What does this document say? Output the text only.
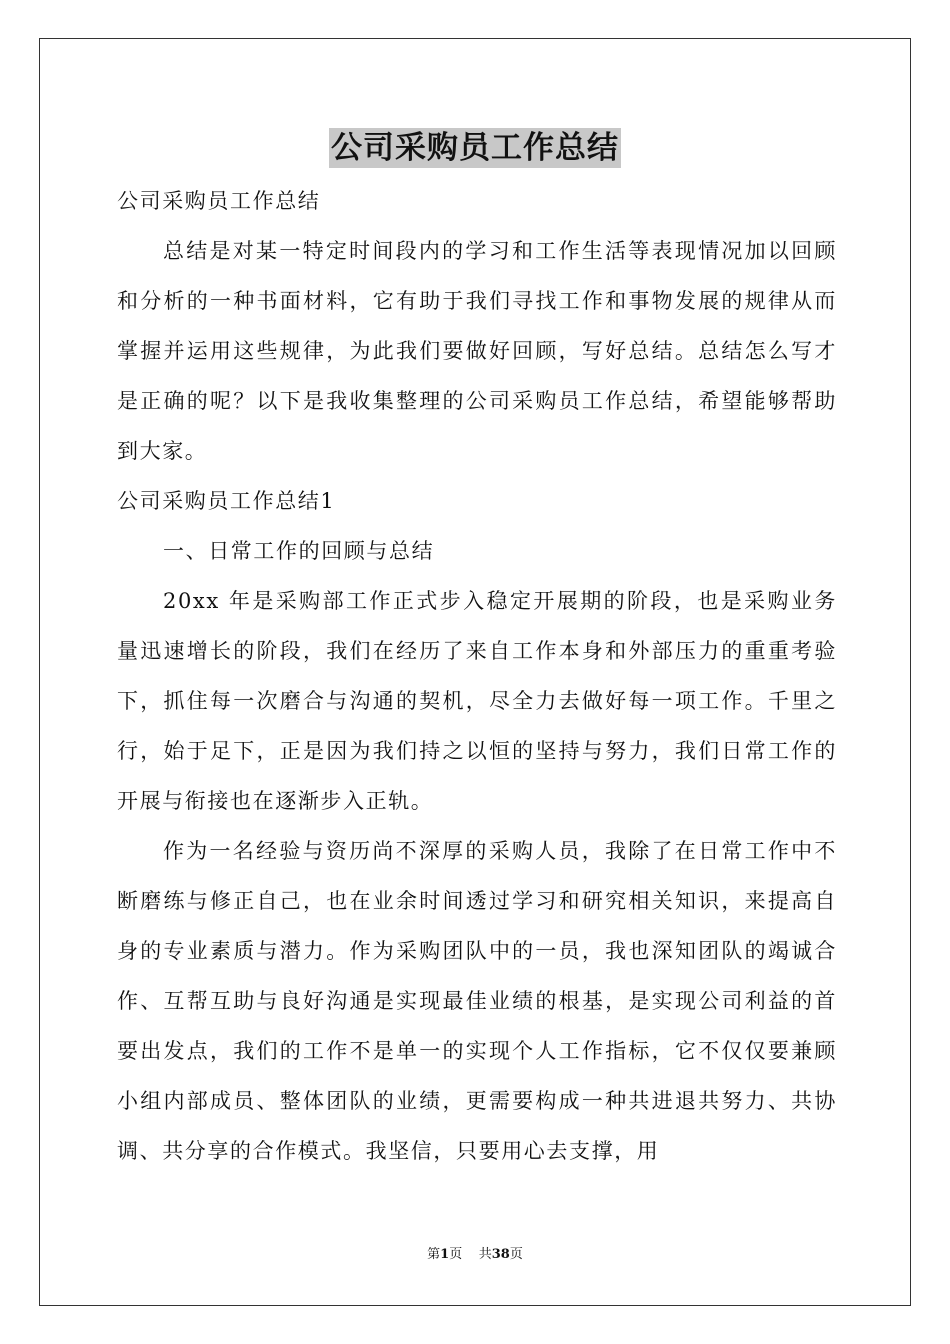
公司采购员工作总结

公司采购员工作总结

总结是对某一特定时间段内的学习和工作生活等表现情况加以回顾和分析的一种书面材料，它有助于我们寻找工作和事物发展的规律从而掌握并运用这些规律，为此我们要做好回顾，写好总结。总结怎么写才是正确的呢？以下是我收集整理的公司采购员工作总结，希望能够帮助到大家。

公司采购员工作总结1

一、日常工作的回顾与总结

20xx 年是采购部工作正式步入稳定开展期的阶段，也是采购业务量迅速增长的阶段，我们在经历了来自工作本身和外部压力的重重考验下，抓住每一次磨合与沟通的契机，尽全力去做好每一项工作。千里之行，始于足下，正是因为我们持之以恒的坚持与努力，我们日常工作的开展与衔接也在逐渐步入正轨。

作为一名经验与资历尚不深厚的采购人员，我除了在日常工作中不断磨练与修正自己，也在业余时间透过学习和研究相关知识，来提高自身的专业素质与潜力。作为采购团队中的一员，我也深知团队的竭诚合作、互帮互助与良好沟通是实现最佳业绩的根基，是实现公司利益的首要出发点，我们的工作不是单一的实现个人工作指标，它不仅仅要兼顾小组内部成员、整体团队的业绩，更需要构成一种共进退共努力、共协调、共分享的合作模式。我坚信，只要用心去支撑，用

第1页    共38页
